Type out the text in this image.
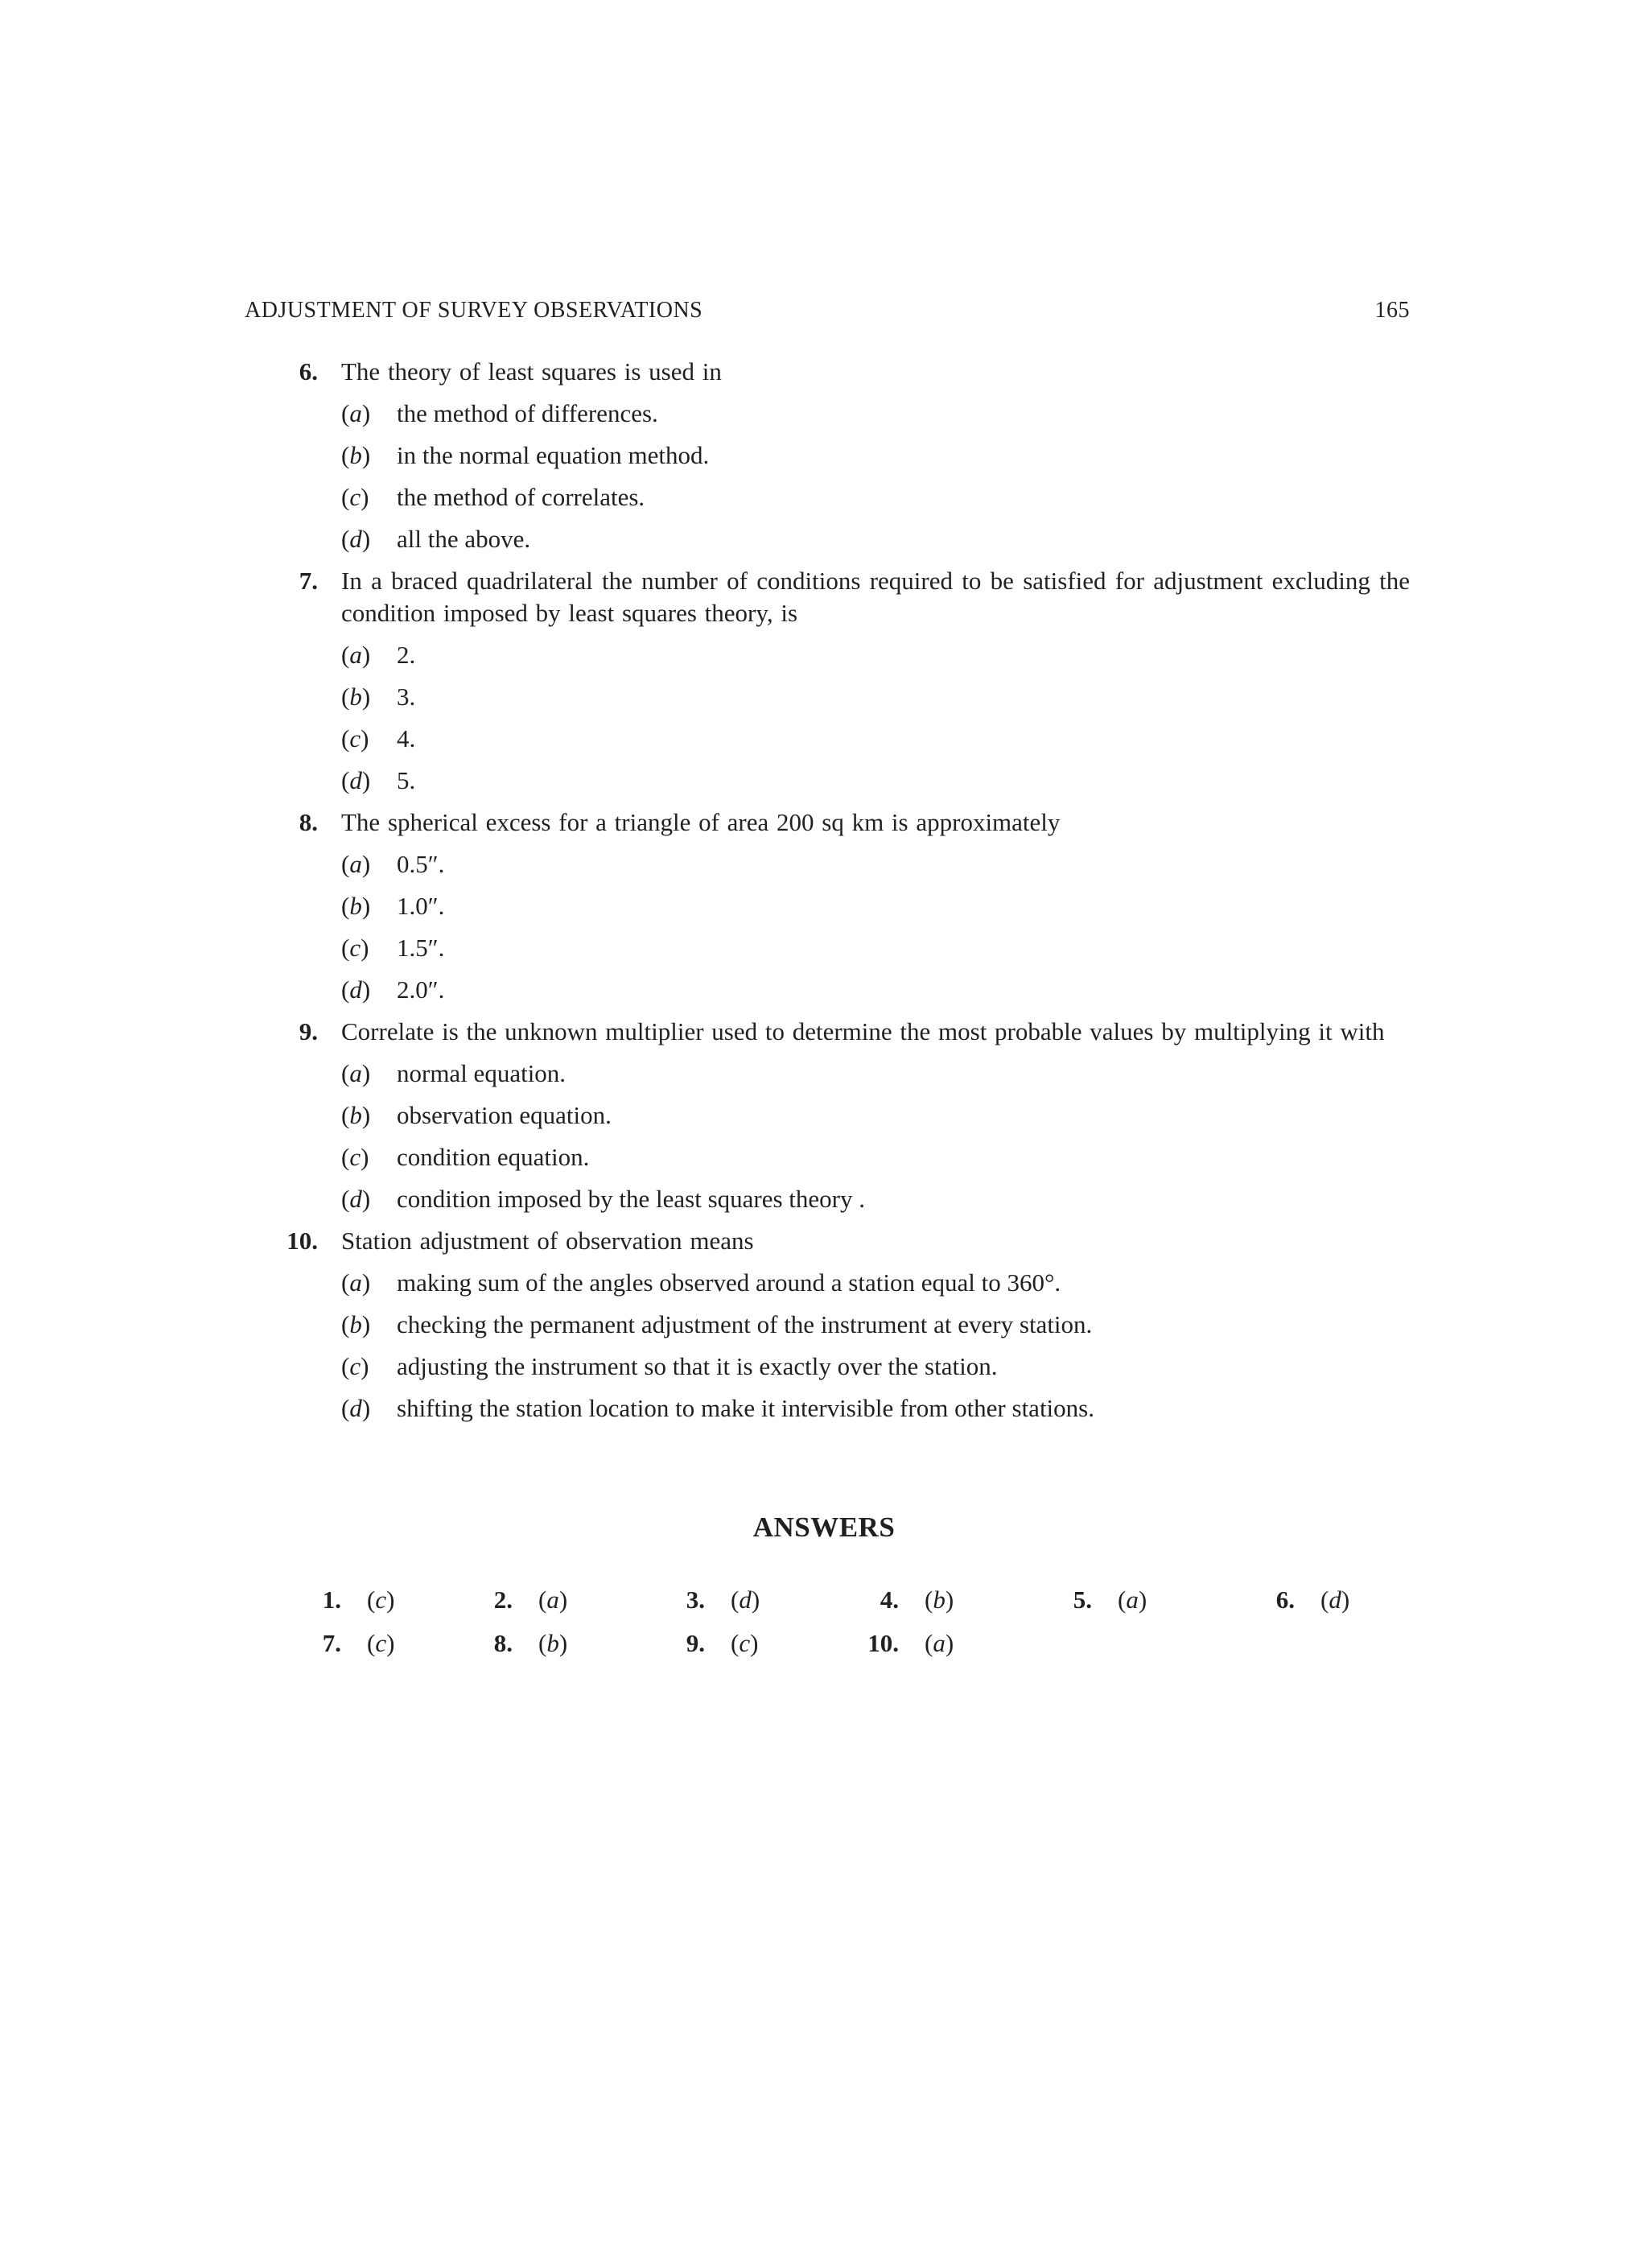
ADJUSTMENT OF SURVEY OBSERVATIONS	165
6. The theory of least squares is used in
(a) the method of differences.
(b) in the normal equation method.
(c) the method of correlates.
(d) all the above.
7. In a braced quadrilateral the number of conditions required to be satisfied for adjustment excluding the condition imposed by least squares theory, is
(a) 2.
(b) 3.
(c) 4.
(d) 5.
8. The spherical excess for a triangle of area 200 sq km is approximately
(a) 0.5″.
(b) 1.0″.
(c) 1.5″.
(d) 2.0″.
9. Correlate is the unknown multiplier used to determine the most probable values by multiplying it with
(a) normal equation.
(b) observation equation.
(c) condition equation.
(d) condition imposed by the least squares theory .
10. Station adjustment of observation means
(a) making sum of the angles observed around a station equal to 360°.
(b) checking the permanent adjustment of the instrument at every station.
(c) adjusting the instrument so that it is exactly over the station.
(d) shifting the station location to make it intervisible from other stations.
ANSWERS
1. (c)	2. (a)	3. (d)	4. (b)	5. (a)	6. (d)
7. (c)	8. (b)	9. (c)	10. (a)
